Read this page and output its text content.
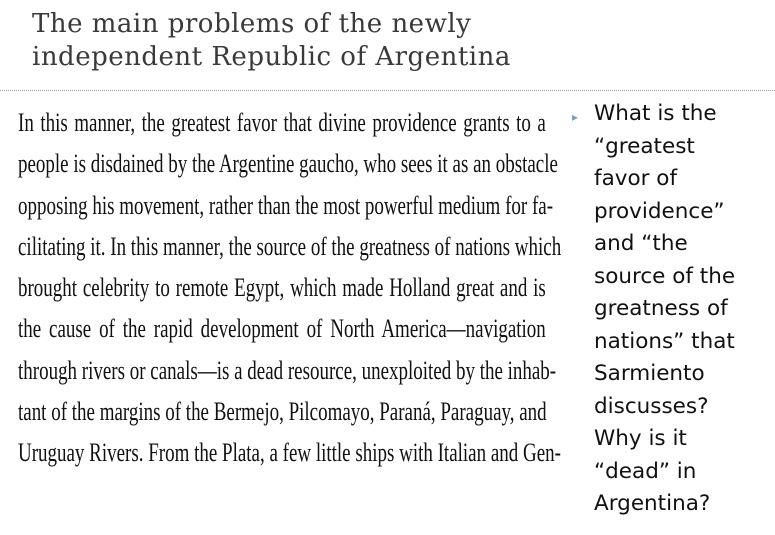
The main problems of the newly
independent Republic of Argentina
In this manner, the greatest favor that divine providence grants to a
people is disdained by the Argentine gaucho, who sees it as an obstacle
opposing his movement, rather than the most powerful medium for fa-
cilitating it. In this manner, the source of the greatness of nations which
brought celebrity to remote Egypt, which made Holland great and is
the cause of the rapid development of North America—navigation
through rivers or canals—is a dead resource, unexploited by the inhab-
tant of the margins of the Bermejo, Pilcomayo, Paraná, Paraguay, and
Uruguay Rivers. From the Plata, a few little ships with Italian and Gen-
▸ What is the
“greatest
favor of
providence”
and “the
source of the
greatness of
nations” that
Sarmiento
discusses?
Why is it
“dead” in
Argentina?
